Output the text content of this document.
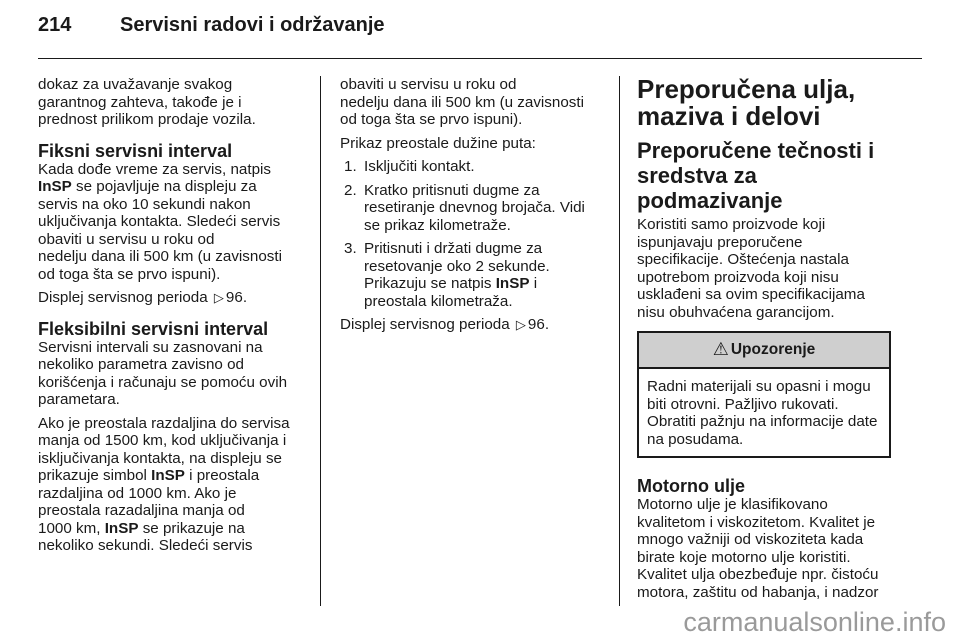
214 Servisni radovi i održavanje

dokaz za uvažavanje svakog
garantnog zahteva, takođe je i
prednost prilikom prodaje vozila.

Fiksni servisni interval

Kada dođe vreme za servis, natpis
InSP se pojavljuje na displeju za
servis na oko 10 sekundi nakon
uključivanja kontakta. Sledeći servis
obaviti u servisu u roku od
nedelju dana ili 500 km (u zavisnosti
od toga šta se prvo ispuni).

Displej servisnog perioda ▷ 96.

Fleksibilni servisni interval

Servisni intervali su zasnovani na
nekoliko parametra zavisno od
korišćenja i računaju se pomoću ovih
parametara.

Ako je preostala razdaljina do servisa
manja od 1500 km, kod uključivanja i
isključivanja kontakta, na displeju se
prikazuje simbol InSP i preostala
razdaljina od 1000 km. Ako je
preostala razadaljina manja od
1000 km, InSP se prikazuje na
nekoliko sekundi. Sledeći servis

obaviti u servisu u roku od
nedelju dana ili 500 km (u zavisnosti
od toga šta se prvo ispuni).

Prikaz preostale dužine puta:

1. Isključiti kontakt.
2. Kratko pritisnuti dugme za
resetiranje dnevnog brojača. Vidi
se prikaz kilometraže.
3. Pritisnuti i držati dugme za
resetovanje oko 2 sekunde.
Prikazuju se natpis InSP i
preostala kilometraža.

Displej servisnog perioda ▷ 96.

Preporučena ulja,
maziva i delovi
Preporučene tečnosti i
sredstva za podmazivanje

Koristiti samo proizvode koji
ispunjavaju preporučene
specifikacije. Oštećenja nastala
upotrebom proizvoda koji nisu
usklađeni sa ovim specifikacijama
nisu obuhvaćena garancijom.

⚠ Upozorenje
Radni materijali su opasni i mogu
biti otrovni. Pažljivo rukovati.
Obratiti pažnju na informacije date
na posudama.
Motorno ulje

Motorno ulje je klasifikovano
kvalitetom i viskozitetom. Kvalitet je
mnogo važniji od viskoziteta kada
birate koje motorno ulje koristiti.
Kvalitet ulja obezbeđuje npr. čistoću
motora, zaštitu od habanja, i nadzor

carmanualsonline.info
